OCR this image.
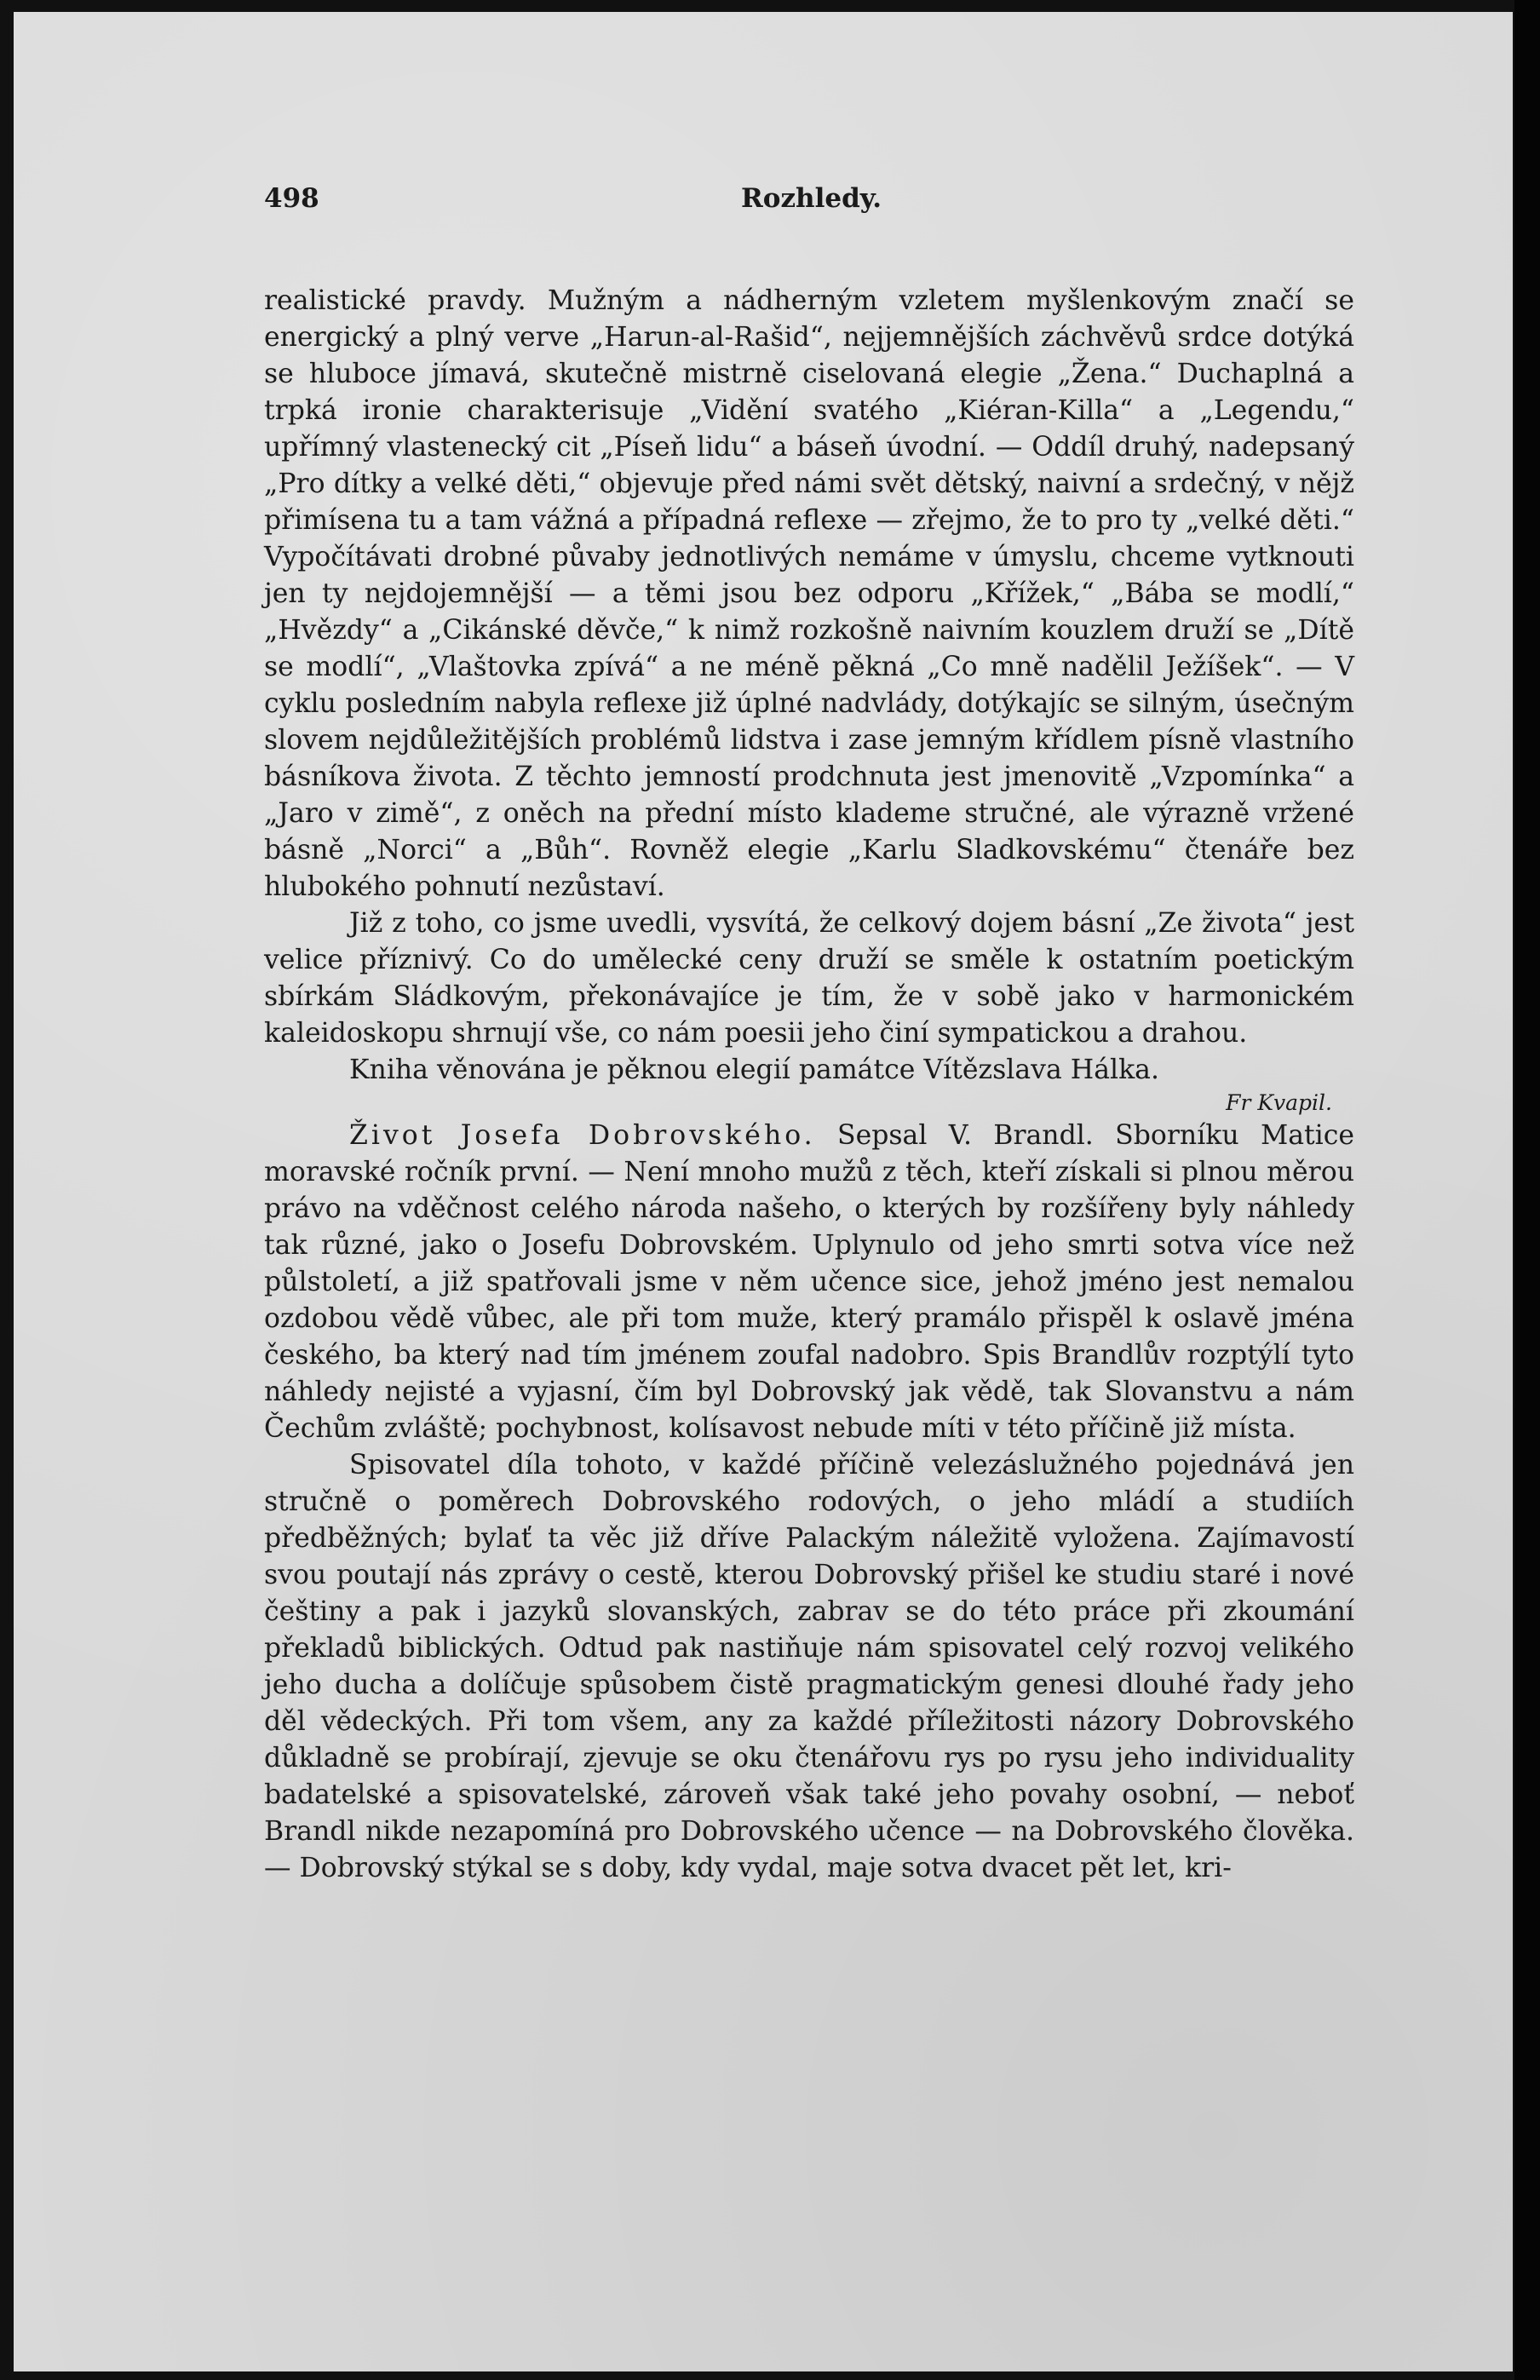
498	Rozhledy.

realistické pravdy. Mužným a nádherným vzletem myšlenkovým značí se energický a plný verve „Harun-al-Rašid“, nejjemnějších záchvěvů srdce dotýká se hluboce jímavá, skutečně mistrně ciselovaná elegie „Žena.“ Duchaplná a trpká ironie charakterisuje „Vidění svatého „Kiéran-Killa“ a „Legendu,“ upřímný vlastenecký cit „Píseň lidu“ a báseň úvodní. — Oddíl druhý, nadepsaný „Pro dítky a velké děti,“ objevuje před námi svět dětský, naivní a srdečný, v nějž přimísena tu a tam vážná a případná reflexe — zřejmo, že to pro ty „velké děti.“ Vypočítávati drobné půvaby jednotlivých nemáme v úmyslu, chceme vytknouti jen ty nejdojemnější — a těmi jsou bez odporu „Křížek,“ „Bába se modlí,“ „Hvězdy“ a „Cikánské děvče,“ k nimž rozkošně naivním kouzlem druží se „Dítě se modlí“, „Vlaštovka zpívá“ a ne méně pěkná „Co mně nadělil Ježíšek“. — V cyklu posledním nabyla reflexe již úplné nadvlády, dotýkajíc se silným, úsečným slovem nejdůležitějších problémů lidstva i zase jemným křídlem písně vlastního básníkova života. Z těchto jemností prodchnuta jest jmenovitě „Vzpomínka“ a „Jaro v zimě“, z oněch na přední místo klademe stručné, ale výrazně vržené básně „Norci“ a „Bůh“. Rovněž elegie „Karlu Sladkovskému“ čtenáře bez hlubokého pohnutí nezůstaví.

Již z toho, co jsme uvedli, vysvítá, že celkový dojem básní „Ze života“ jest velice příznivý. Co do umělecké ceny druží se směle k ostatním poetickým sbírkám Sládkovým, překonávajíce je tím, že v sobě jako v harmonickém kaleidoskopu shrnují vše, co nám poesii jeho činí sympatickou a drahou.

Kniha věnována je pěknou elegií památce Vítězslava Hálka.

Fr Kvapil.

Život Josefa Dobrovského. Sepsal V. Brandl. Sborníku Matice moravské ročník první. — Není mnoho mužů z těch, kteří získali si plnou měrou právo na vděčnost celého národa našeho, o kterých by rozšířeny byly náhledy tak různé, jako o Josefu Dobrovském. Uplynulo od jeho smrti sotva více než půlstoletí, a již spatřovali jsme v něm učence sice, jehož jméno jest nemalou ozdobou vědě vůbec, ale při tom muže, který pramálo přispěl k oslavě jména českého, ba který nad tím jménem zoufal nadobro. Spis Brandlův rozptýlí tyto náhledy nejisté a vyjasní, čím byl Dobrovský jak vědě, tak Slovanstvu a nám Čechům zvláště; pochybnost, kolísavost nebude míti v této příčině již místa.

Spisovatel díla tohoto, v každé příčině velezáslužného pojednává jen stručně o poměrech Dobrovského rodových, o jeho mládí a studiích předběžných; bylať ta věc již dříve Palackým náležitě vyložena. Zajímavostí svou poutají nás zprávy o cestě, kterou Dobrovský přišel ke studiu staré i nové češtiny a pak i jazyků slovanských, zabrav se do této práce při zkoumání překladů biblických. Odtud pak nastiňuje nám spisovatel celý rozvoj velikého jeho ducha a dolíčuje spůsobem čistě pragmatickým genesi dlouhé řady jeho děl vědeckých. Při tom všem, any za každé příležitosti názory Dobrovského důkladně se probírají, zjevuje se oku čtenářovu rys po rysu jeho individuality badatelské a spisovatelské, zároveň však také jeho povahy osobní, — neboť Brandl nikde nezapomíná pro Dobrovského učence — na Dobrovského člověka. — Dobrovský stýkal se s doby, kdy vydal, maje sotva dvacet pět let, kri-
